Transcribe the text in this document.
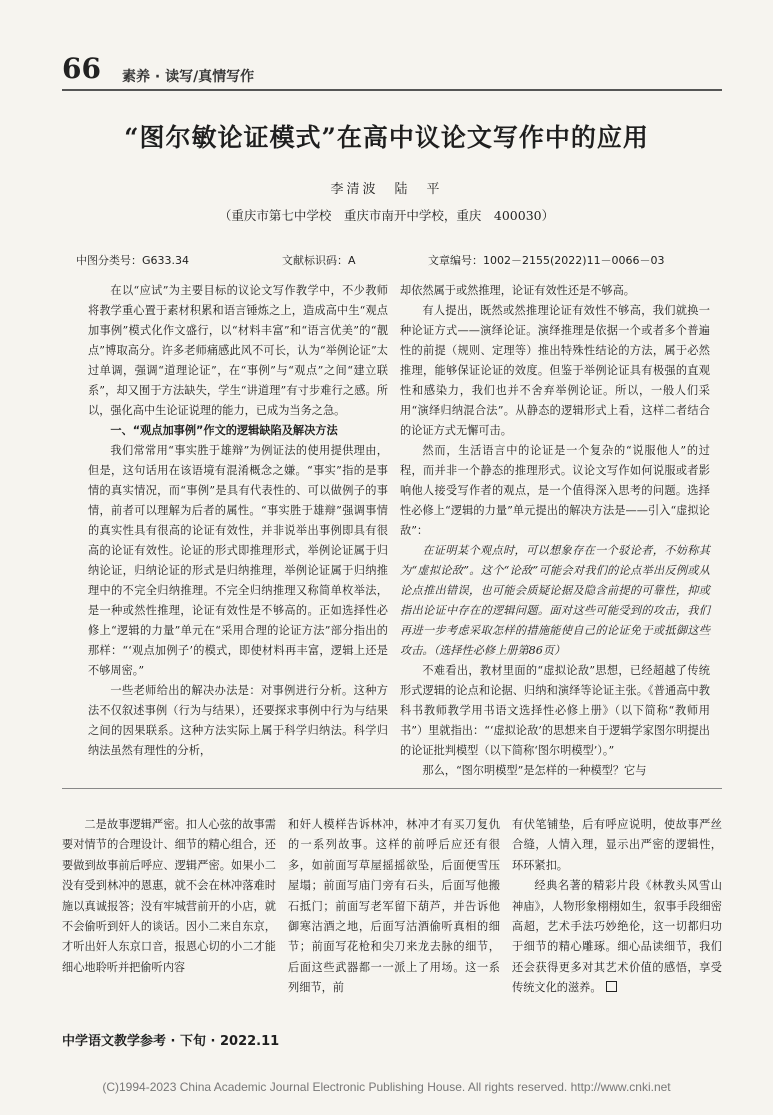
66 素养 · 读写/真情写作
“图尔敏论证模式”在高中议论文写作中的应用
李清波　陆　平
（重庆市第七中学校　重庆市南开中学校，重庆　400030）
中图分类号：G633.34	文献标识码：A	文章编号：1002－2155(2022)11－0066－03

在以“应试”为主要目标的议论文写作教学中，不少教师将教学重心置于素材积累和语言锤炼之上，造成高中生“观点加事例”模式化作文盛行，以“材料丰富”和“语言优美”的“靓点”博取高分。许多老师痛感此风不可长，认为“举例论证”太过单调，强调“道理论证”，在“事例”与“观点”之间“建立联系”，却又囿于方法缺失，学生“讲道理”有寸步难行之感。所以，强化高中生论证说理的能力，已成为当务之急。

一、“观点加事例”作文的逻辑缺陷及解决方法

我们常常用“事实胜于雄辩”为例证法的使用提供理由，但是，这句话用在该语境有混淆概念之嫌。“事实”指的是事情的真实情况，而“事例”是具有代表性的、可以做例子的事情，前者可以理解为后者的属性。“事实胜于雄辩”强调事情的真实性具有很高的论证有效性，并非说举出事例即具有很高的论证有效性。论证的形式即推理形式，举例论证属于归纳论证，归纳论证的形式是归纳推理，举例论证属于归纳推理中的不完全归纳推理。不完全归纳推理又称简单枚举法，是一种或然性推理，论证有效性是不够高的。正如选择性必修上“逻辑的力量”单元在“采用合理的论证方法”部分指出的那样：“‘观点加例子’的模式，即使材料再丰富，逻辑上还是不够周密。”

一些老师给出的解决办法是：对事例进行分析。这种方法不仅叙述事例（行为与结果），还要探求事例中行为与结果之间的因果联系。这种方法实际上属于科学归纳法。科学归纳法虽然有理性的分析，

却依然属于或然推理，论证有效性还是不够高。

有人提出，既然或然推理论证有效性不够高，我们就换一种论证方式——演绎论证。演绎推理是依据一个或者多个普遍性的前提（规则、定理等）推出特殊性结论的方法，属于必然推理，能够保证论证的效度。但鉴于举例论证具有极强的直观性和感染力，我们也并不舍弃举例论证。所以，一般人们采用“演绎归纳混合法”。从静态的逻辑形式上看，这样二者结合的论证方式无懈可击。

然而，生活语言中的论证是一个复杂的“说服他人”的过程，而并非一个静态的推理形式。议论文写作如何说服或者影响他人接受写作者的观点，是一个值得深入思考的问题。选择性必修上“逻辑的力量”单元提出的解决方法是——引入“虚拟论敌”：

在证明某个观点时，可以想象存在一个驳论者，不妨称其为“虚拟论敌”。这个“论敌”可能会对我们的论点举出反例或从论点推出错误，也可能会质疑论据及隐含前提的可靠性，抑或指出论证中存在的逻辑问题。面对这些可能受到的攻击，我们再进一步考虑采取怎样的措施能使自己的论证免于或抵御这些攻击。（选择性必修上册第86页）

不难看出，教材里面的“虚拟论敌”思想，已经超越了传统形式逻辑的论点和论据、归纳和演绎等论证主张。《普通高中教科书教师教学用书语文选择性必修上册》（以下简称“教师用书”）里就指出：“‘虚拟论敌’的思想来自于逻辑学家图尔明提出的论证批判模型（以下简称‘图尔明模型’）。”

那么，“图尔明模型”是怎样的一种模型？它与

二是故事逻辑严密。扣人心弦的故事需要对情节的合理设计、细节的精心组合，还要做到故事前后呼应、逻辑严密。如果小二没有受到林冲的恩惠，就不会在林冲落难时施以真诚报答；没有牢城营前开的小店，就不会偷听到奸人的谈话。因小二来自东京，才听出奸人东京口音，报恩心切的小二才能细心地聆听并把偷听内容

和奸人模样告诉林冲，林冲才有买刀复仇的一系列故事。这样的前呼后应还有很多，如前面写草屋摇摇欲坠，后面便雪压屋塌；前面写庙门旁有石头，后面写他搬石抵门；前面写老军留下葫芦，并告诉他御寒沽酒之地，后面写沽酒偷听真相的细节；前面写花枪和尖刀来龙去脉的细节，后面这些武器都一一派上了用场。这一系列细节，前

有伏笔铺垫，后有呼应说明，使故事严丝合缝，人情入理，显示出严密的逻辑性，环环紧扣。

经典名著的精彩片段《林教头风雪山神庙》，人物形象栩栩如生，叙事手段细密高超，艺术手法巧妙绝伦，这一切都归功于细节的精心雕琢。细心品读细节，我们还会获得更多对其艺术价值的感悟，享受传统文化的滋养。

中学语文教学参考 · 下旬 · 2022.11
(C)1994-2023 China Academic Journal Electronic Publishing House. All rights reserved. http://www.cnki.net
